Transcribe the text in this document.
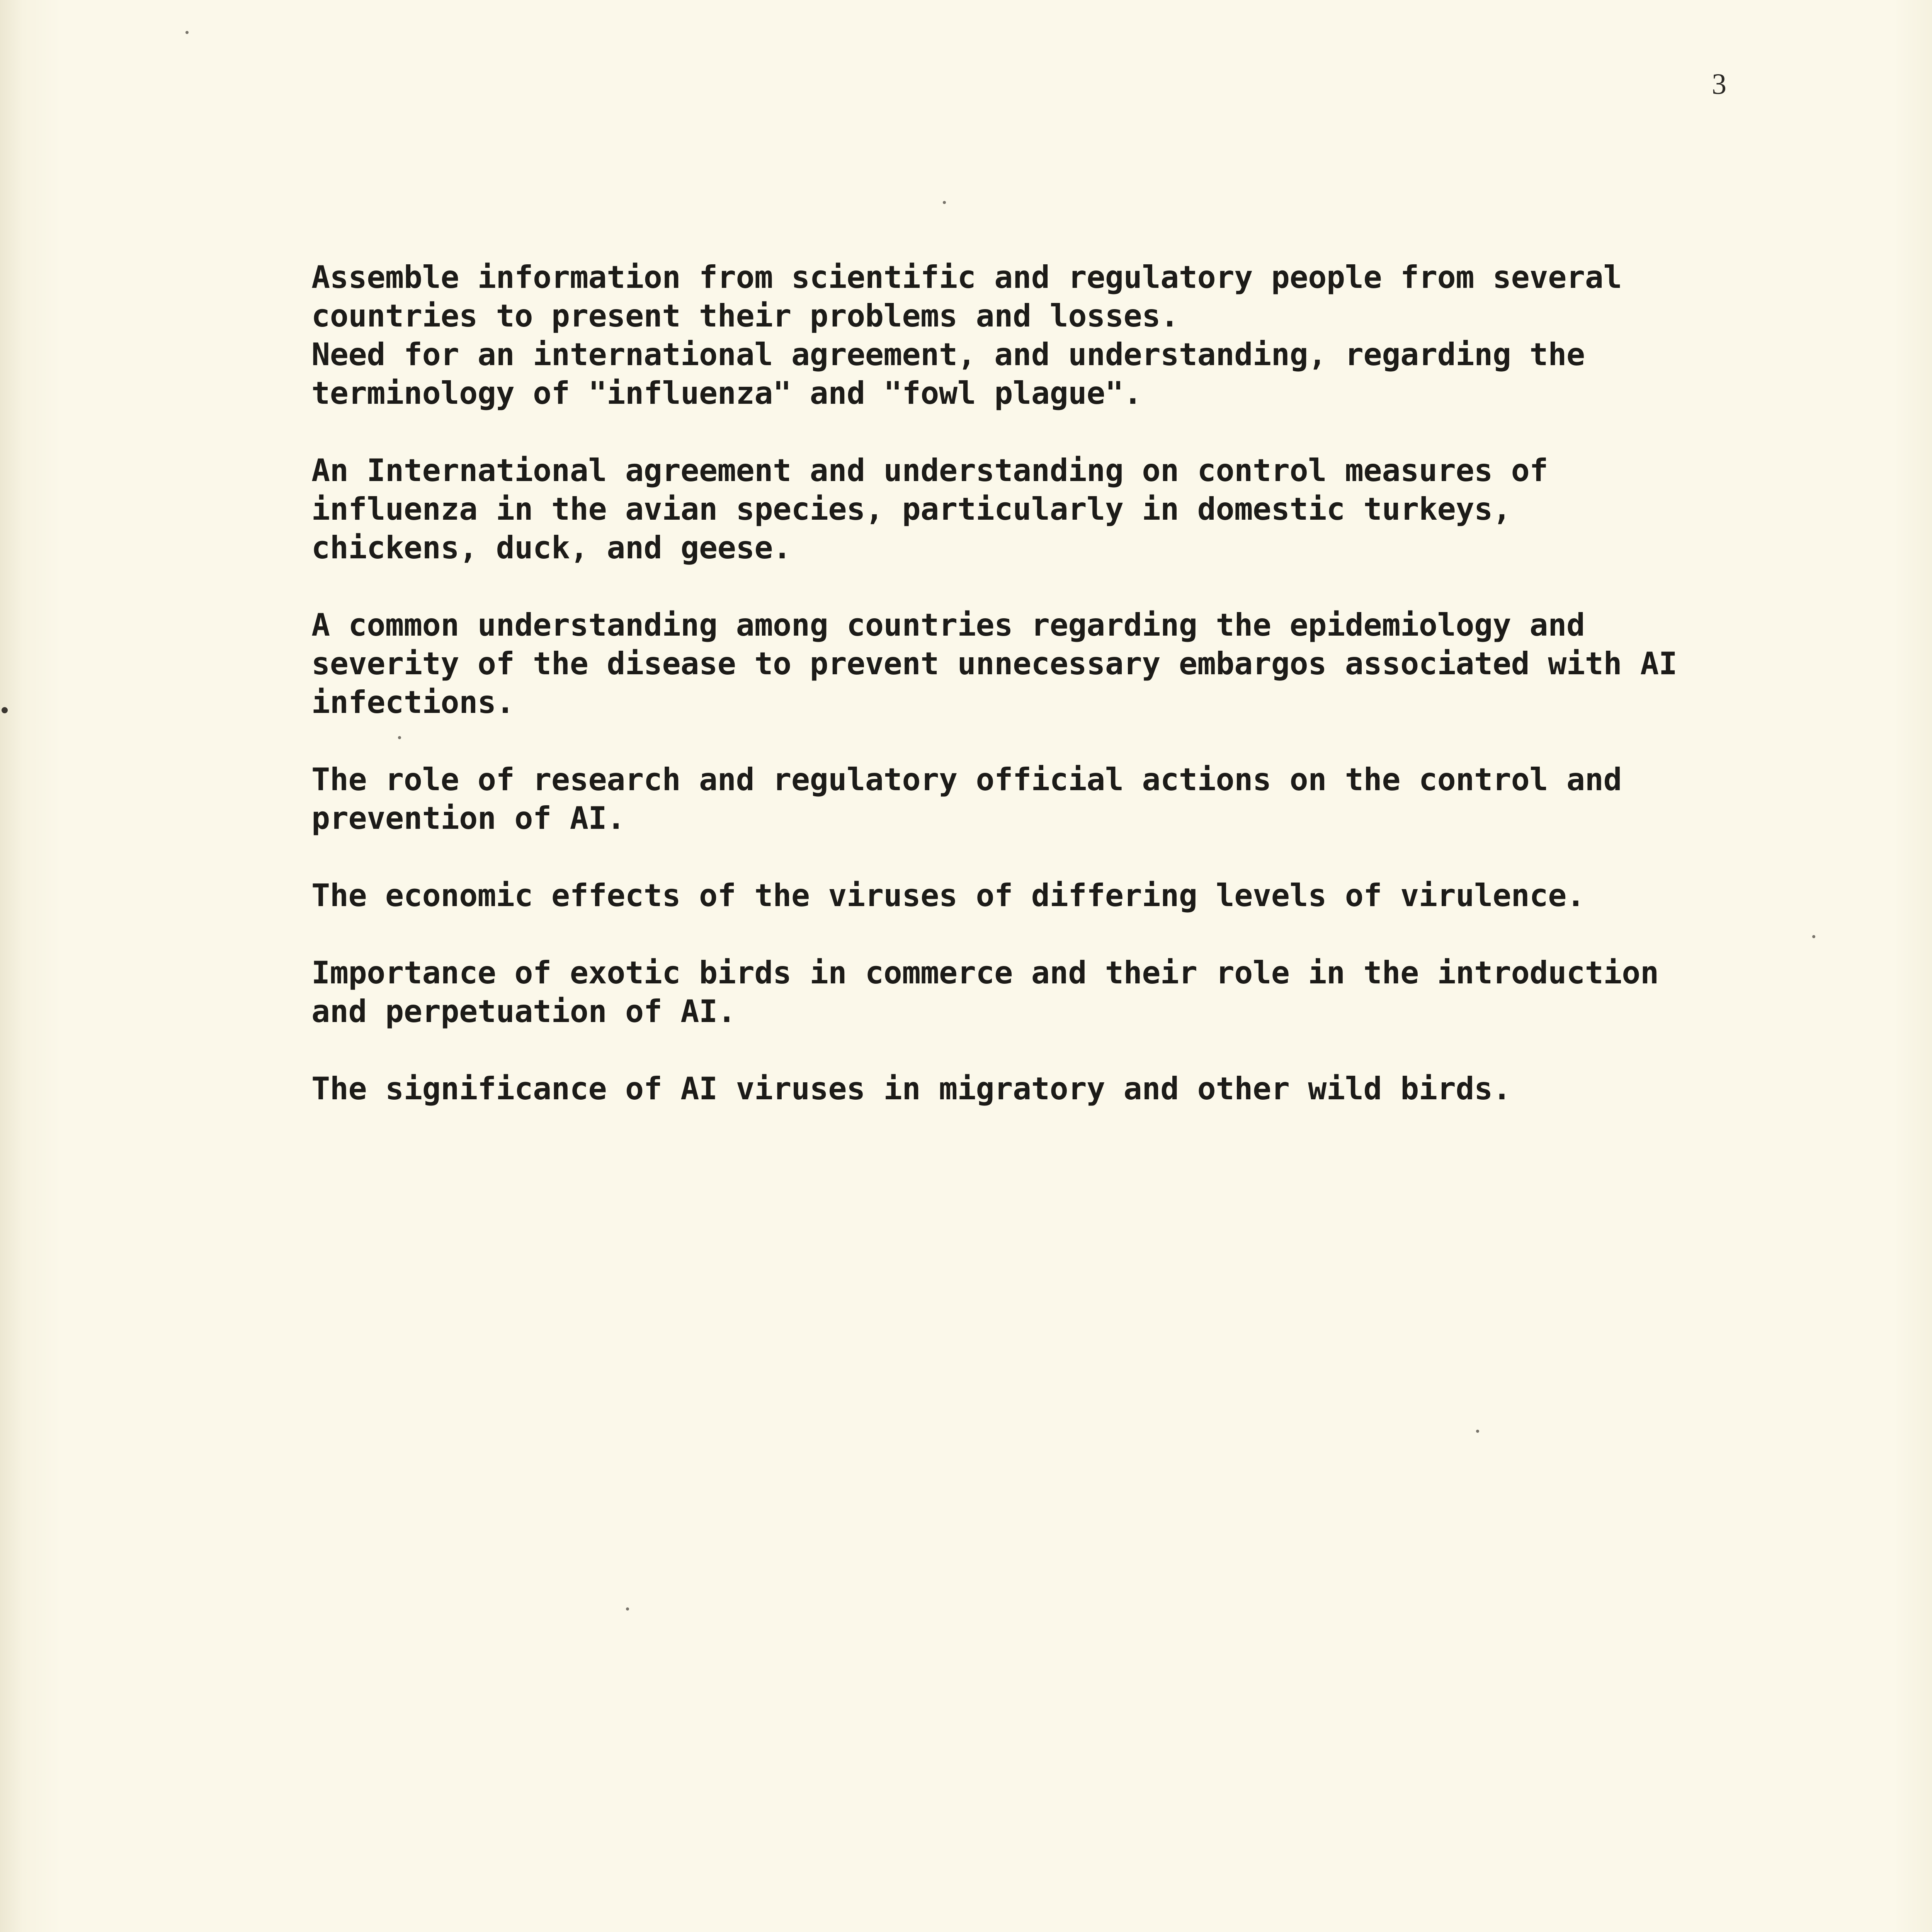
3
Assemble information from scientific and regulatory people from several
countries to present their problems and losses.
Need for an international agreement, and understanding, regarding the
terminology of "influenza" and "fowl plague".
An International agreement and understanding on control measures of
influenza in the avian species, particularly in domestic turkeys,
chickens, duck, and geese.
A common understanding among countries regarding the epidemiology and
severity of the disease to prevent unnecessary embargos associated with AI
infections.
The role of research and regulatory official actions on the control and
prevention of AI.
The economic effects of the viruses of differing levels of virulence.
Importance of exotic birds in commerce and their role in the introduction
and perpetuation of AI.
The significance of AI viruses in migratory and other wild birds.
